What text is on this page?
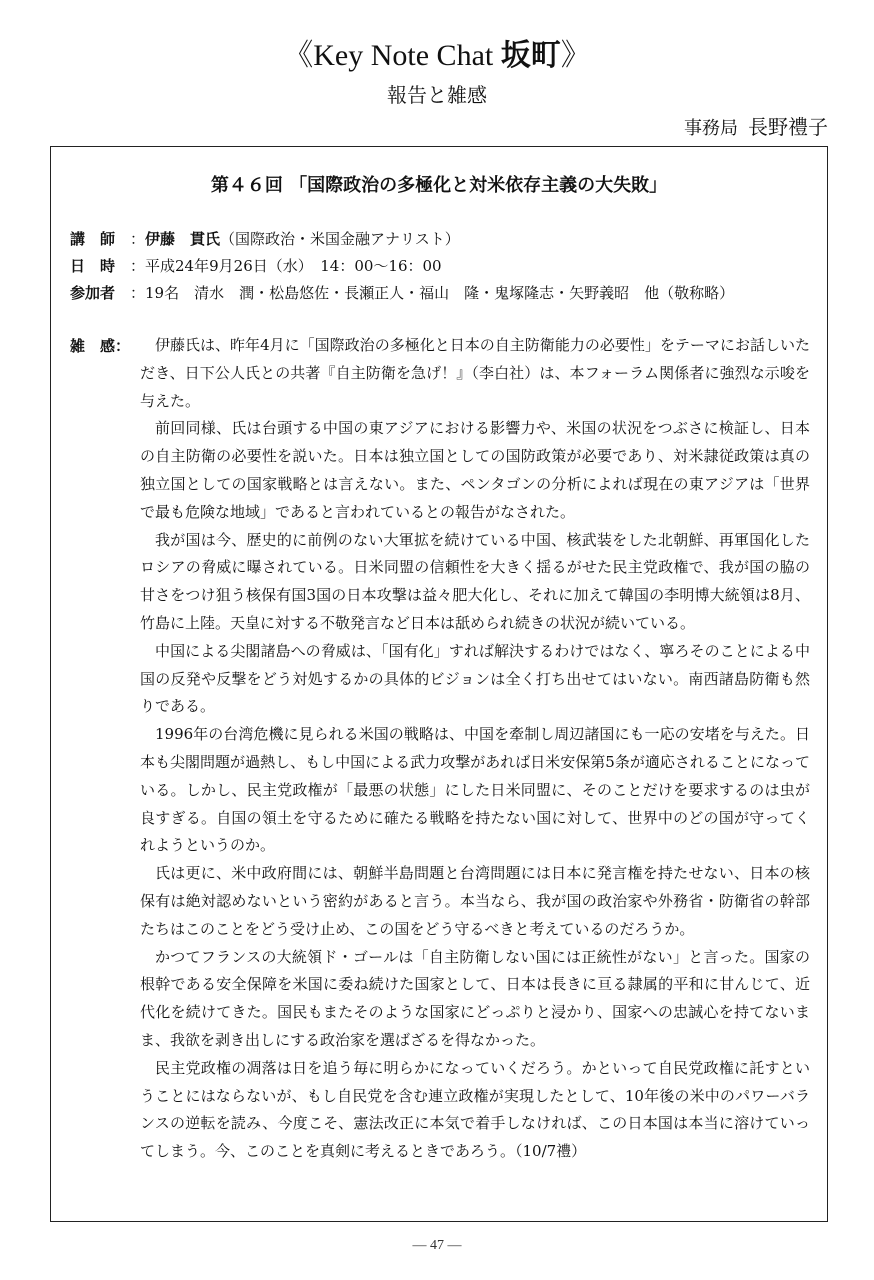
《Key Note Chat 坂町》
報告と雑感
事務局 長野禮子
第４６回 「国際政治の多極化と対米依存主義の大失敗」
講　師 ：伊藤　貫氏（国際政治・米国金融アナリスト）
日　時 ：平成24年9月26日（水）　14：00～16：00
参加者 ：19名　清水　潤・松島悠佐・長瀬正人・福山　隆・鬼塚隆志・矢野義昭　他（敬称略）
雑　感：	伊藤氏は、昨年4月に「国際政治の多極化と日本の自主防衛能力の必要性」をテーマにお話しいただき、日下公人氏との共著『自主防衛を急げ！』（李白社）は、本フォーラム関係者に強烈な示唆を与えた。

前回同様、氏は台頭する中国の東アジアにおける影響力や、米国の状況をつぶさに検証し、日本の自主防衛の必要性を説いた。日本は独立国としての国防政策が必要であり、対米隷従政策は真の独立国としての国家戦略とは言えない。また、ペンタゴンの分析によれば現在の東アジアは「世界で最も危険な地域」であると言われているとの報告がなされた。

我が国は今、歴史的に前例のない大軍拡を続けている中国、核武装をした北朝鮮、再軍国化したロシアの脅威に曝されている。日米同盟の信頼性を大きく揺るがせた民主党政権で、我が国の脇の甘さをつけ狙う核保有国3国の日本攻撃は益々肥大化し、それに加えて韓国の李明博大統領は8月、竹島に上陸。天皇に対する不敬発言など日本は舐められ続きの状況が続いている。

中国による尖閣諸島への脅威は、「国有化」すれば解決するわけではなく、寧ろそのことによる中国の反発や反撃をどう対処するかの具体的ビジョンは全く打ち出せてはいない。南西諸島防衛も然りである。

1996年の台湾危機に見られる米国の戦略は、中国を牽制し周辺諸国にも一応の安堵を与えた。日本も尖閣問題が過熱し、もし中国による武力攻撃があれば日米安保第5条が適応されることになっている。しかし、民主党政権が「最悪の状態」にした日米同盟に、そのことだけを要求するのは虫が良すぎる。自国の領土を守るために確たる戦略を持たない国に対して、世界中のどの国が守ってくれようというのか。

氏は更に、米中政府間には、朝鮮半島問題と台湾問題には日本に発言権を持たせない、日本の核保有は絶対認めないという密約があると言う。本当なら、我が国の政治家や外務省・防衛省の幹部たちはこのことをどう受け止め、この国をどう守るべきと考えているのだろうか。

かつてフランスの大統領ド・ゴールは「自主防衛しない国には正統性がない」と言った。国家の根幹である安全保障を米国に委ね続けた国家として、日本は長きに亘る隷属的平和に甘んじて、近代化を続けてきた。国民もまたそのような国家にどっぷりと浸かり、国家への忠誠心を持てないまま、我欲を剥き出しにする政治家を選ばざるを得なかった。

民主党政権の凋落は日を追う毎に明らかになっていくだろう。かといって自民党政権に託すということにはならないが、もし自民党を含む連立政権が実現したとして、10年後の米中のパワーバランスの逆転を読み、今度こそ、憲法改正に本気で着手しなければ、この日本国は本当に溶けていってしまう。今、このことを真剣に考えるときであろう。（10/7禮）

― 47 ―
